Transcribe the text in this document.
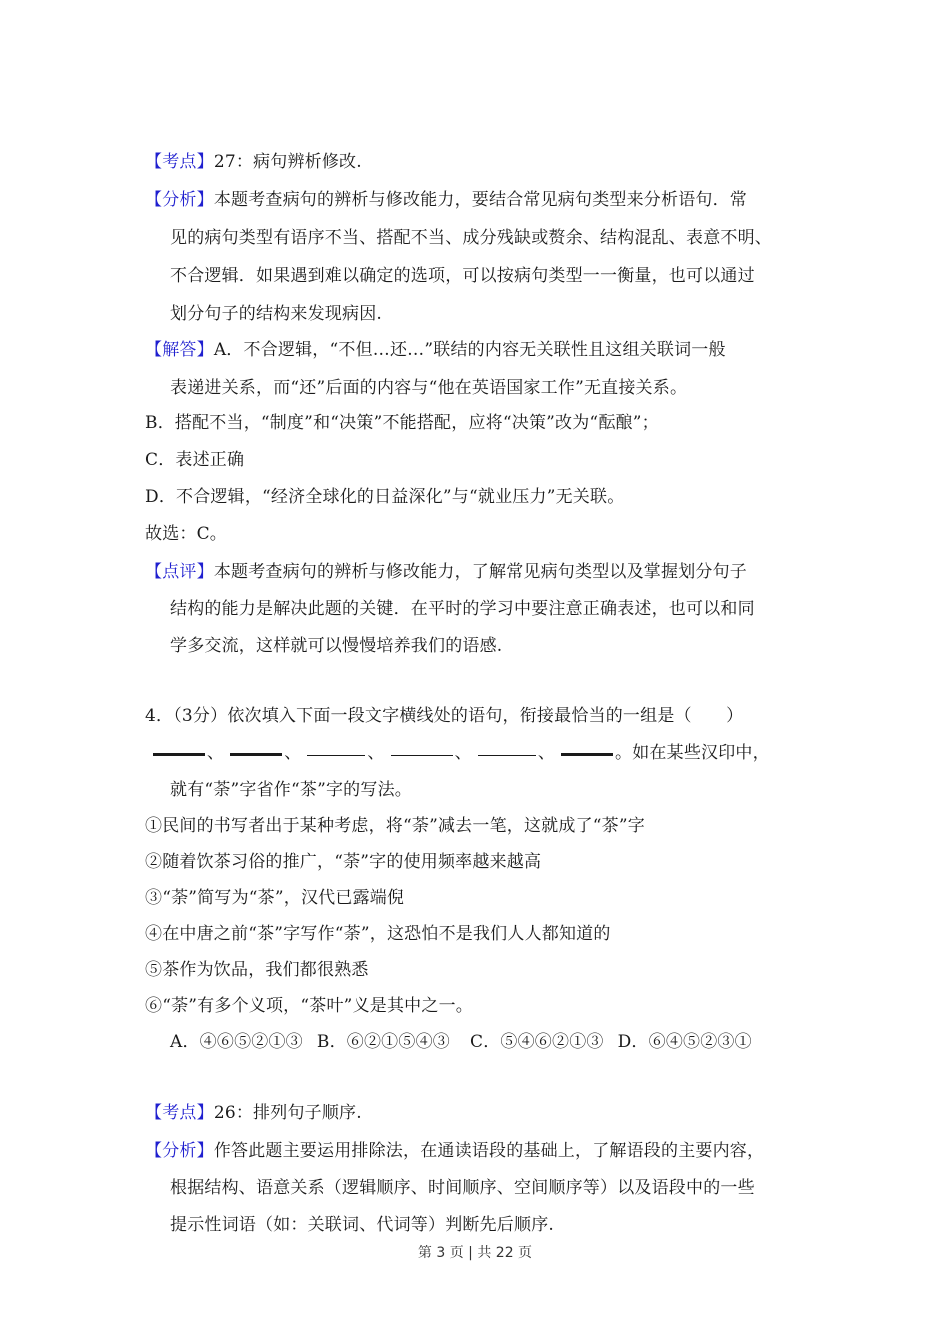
【考点】27：病句辨析修改.
【分析】本题考查病句的辨析与修改能力，要结合常见病句类型来分析语句．常
见的病句类型有语序不当、搭配不当、成分残缺或赘余、结构混乱、表意不明、
不合逻辑．如果遇到难以确定的选项，可以按病句类型一一衡量，也可以通过
划分句子的结构来发现病因.
【解答】A．不合逻辑，“不但…还…”联结的内容无关联性且这组关联词一般
表递进关系，而“还”后面的内容与“他在英语国家工作”无直接关系。
B．搭配不当，“制度”和“决策”不能搭配，应将“决策”改为“酝酿”；
C．表述正确
D．不合逻辑，“经济全球化的日益深化”与“就业压力”无关联。
故选：C。
【点评】本题考查病句的辨析与修改能力，了解常见病句类型以及掌握划分句子
结构的能力是解决此题的关键．在平时的学习中要注意正确表述，也可以和同
学多交流，这样就可以慢慢培养我们的语感.
4．（3分）依次填入下面一段文字横线处的语句，衔接最恰当的一组是（　　）
、	、	、	、	、	。如在某些汉印中，
就有“荼”字省作“茶”字的写法。
①民间的书写者出于某种考虑，将“荼”减去一笔，这就成了“茶”字
②随着饮茶习俗的推广，“荼”字的使用频率越来越高
③“荼”简写为“茶”，汉代已露端倪
④在中唐之前“茶”字写作“荼”，这恐怕不是我们人人都知道的
⑤茶作为饮品，我们都很熟悉
⑥“荼”有多个义项，“茶叶”义是其中之一。
A．④⑥⑤②①③ B．⑥②①⑤④③ C．⑤④⑥②①③ D．⑥④⑤②③①
【考点】26：排列句子顺序.
【分析】作答此题主要运用排除法，在通读语段的基础上，了解语段的主要内容，
根据结构、语意关系（逻辑顺序、时间顺序、空间顺序等）以及语段中的一些
提示性词语（如：关联词、代词等）判断先后顺序.
第 3 页 | 共 22 页
